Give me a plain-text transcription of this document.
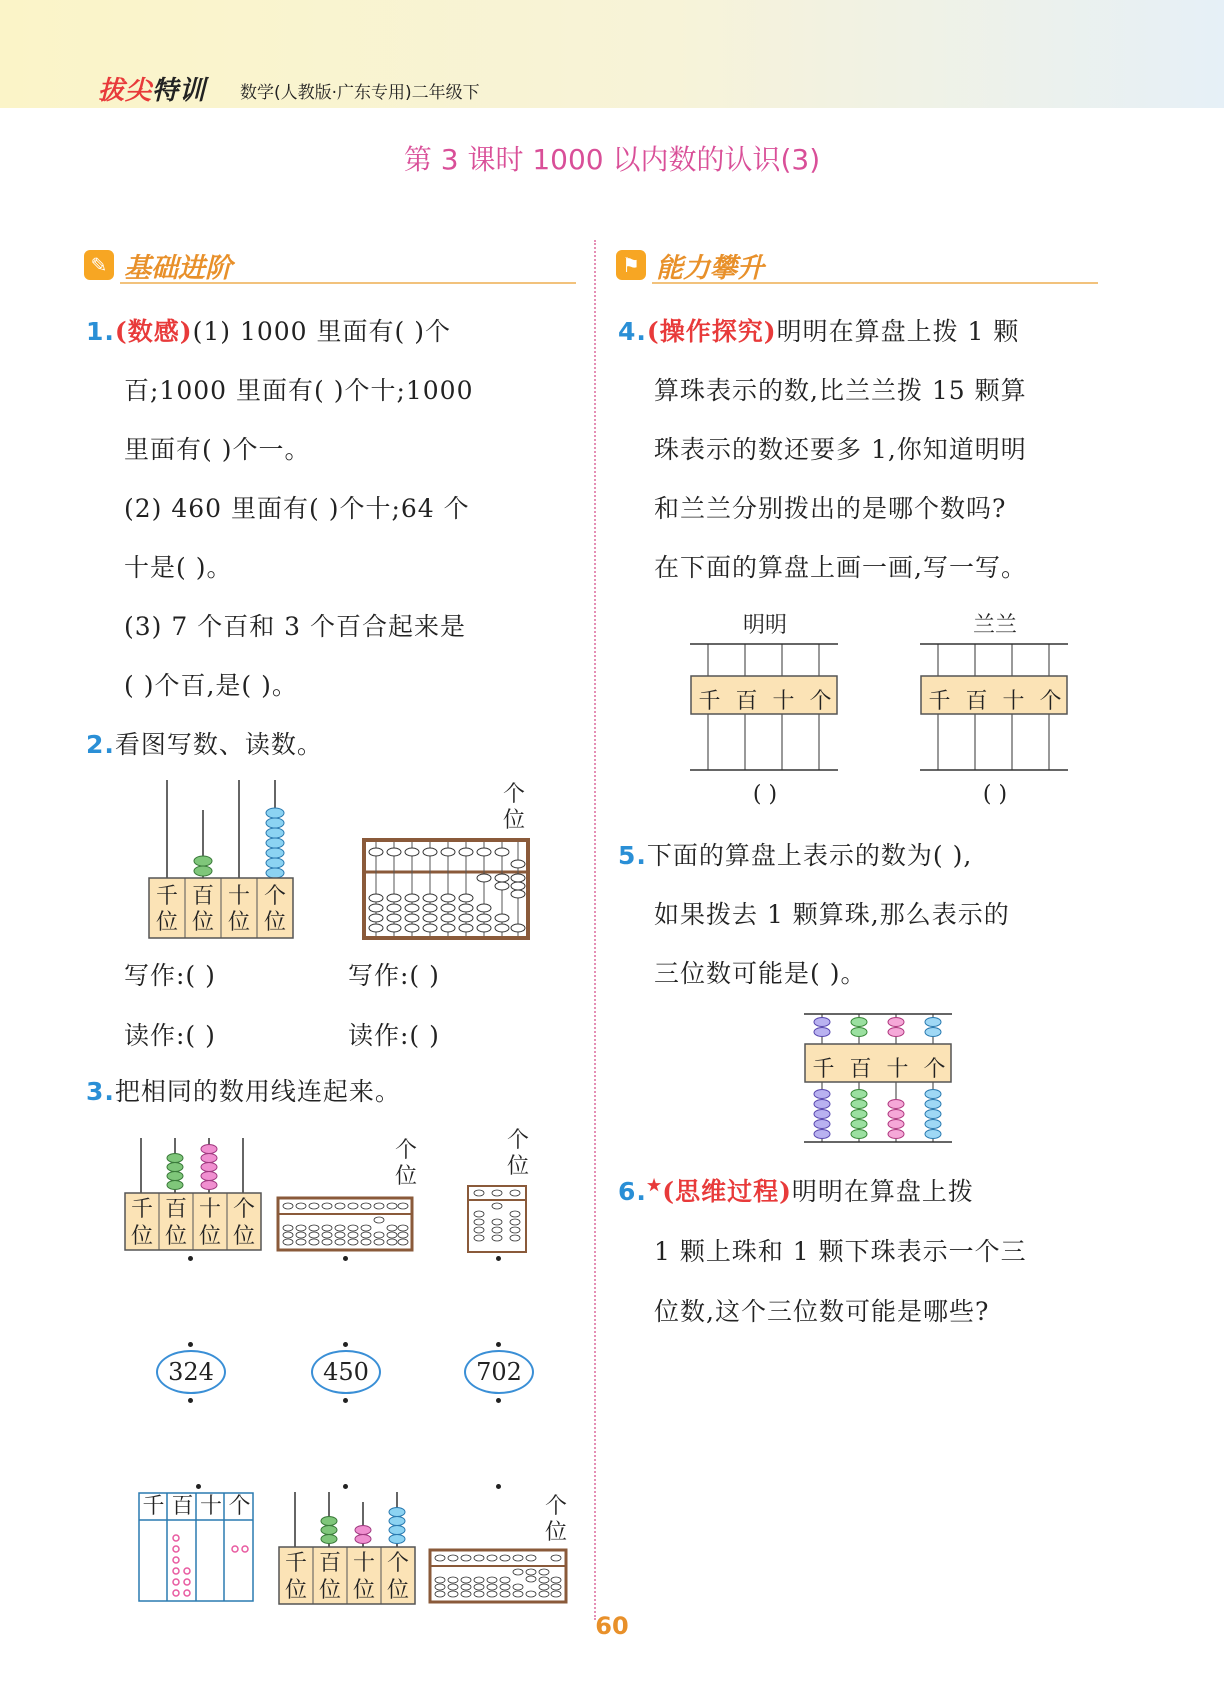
拔尖特训 数学(人教版·广东专用)二年级下
第 3 课时 1000 以内数的认识(3)
✎ 基础进阶	⚑ 能力攀升
1.(数感)(1) 1000 里面有( )个
百;1000 里面有( )个十;1000
里面有( )个一。
(2) 460 里面有( )个十;64 个
十是( )。
(3) 7 个百和 3 个百合起来是
( )个百,是( )。
2.看图写数、读数。
千
位
百
位
十
位
个
位
个位
写作:( )	写作:( )
读作:( )	读作:( )
3.把相同的数用线连起来。
千
位
百
位
十
位
个
位
个位
个位
324	450	702
千 百 十 个
千
位
百
位
十
位
个
位
个位
4.(操作探究)明明在算盘上拨 1 颗
算珠表示的数,比兰兰拨 15 颗算
珠表示的数还要多 1,你知道明明
和兰兰分别拨出的是哪个数吗?
在下面的算盘上画一画,写一写。
明明	兰兰
千 百 十 个
( )
千 百 十 个
( )
5.下面的算盘上表示的数为( ),
如果拨去 1 颗算珠,那么表示的
三位数可能是( )。
千 百 十 个
6.★(思维过程)明明在算盘上拨
1 颗上珠和 1 颗下珠表示一个三
位数,这个三位数可能是哪些?
60
